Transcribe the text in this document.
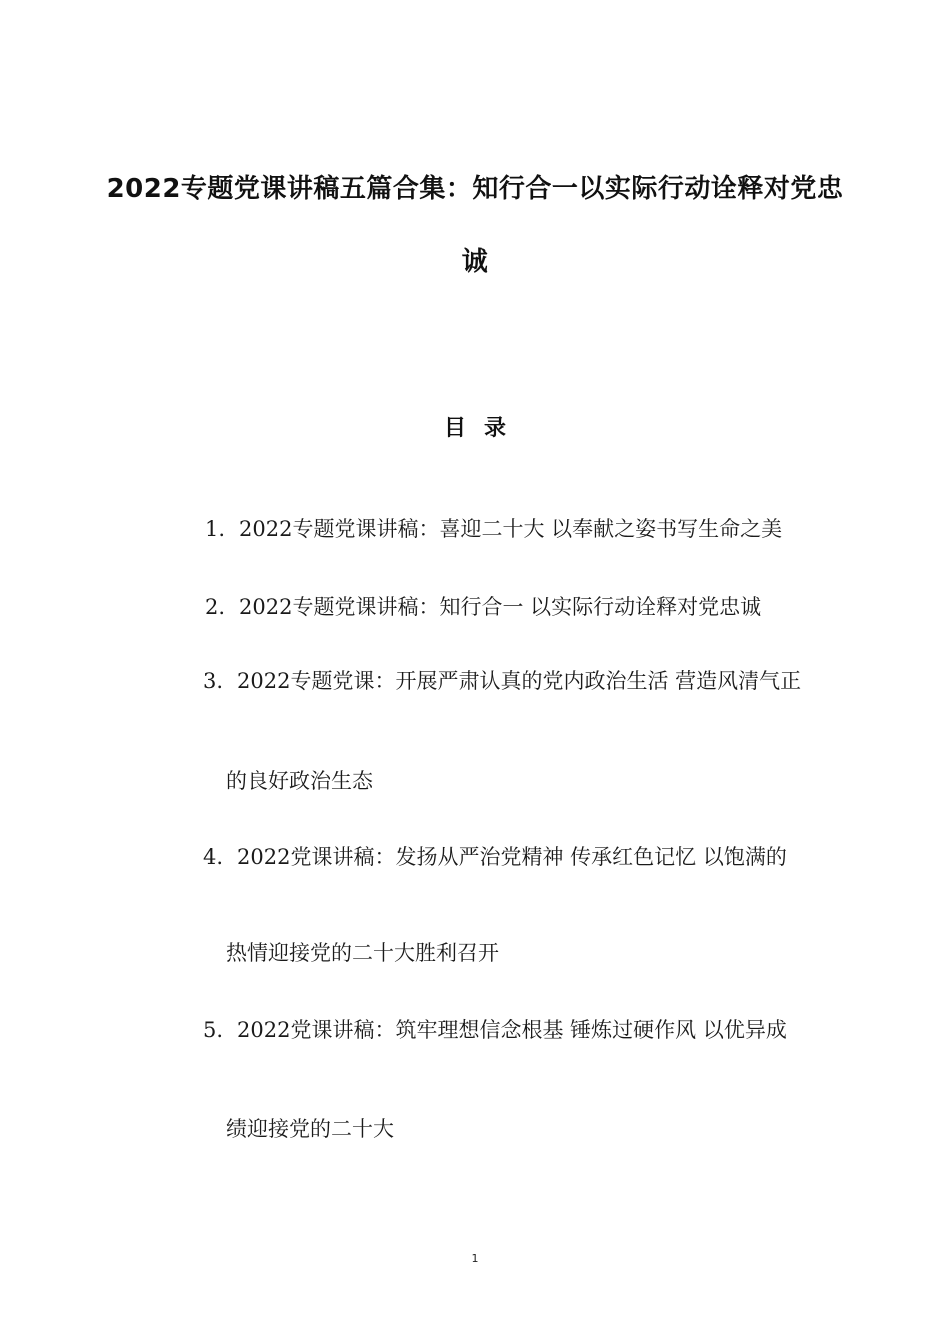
2022专题党课讲稿五篇合集：知行合一以实际行动诠释对党忠
诚
目录
1. 2022专题党课讲稿：喜迎二十大 以奉献之姿书写生命之美
2. 2022专题党课讲稿：知行合一 以实际行动诠释对党忠诚
3. 2022专题党课：开展严肃认真的党内政治生活 营造风清气正
的良好政治生态
4. 2022党课讲稿：发扬从严治党精神 传承红色记忆 以饱满的
热情迎接党的二十大胜利召开
5. 2022党课讲稿：筑牢理想信念根基 锤炼过硬作风 以优异成
绩迎接党的二十大
1
